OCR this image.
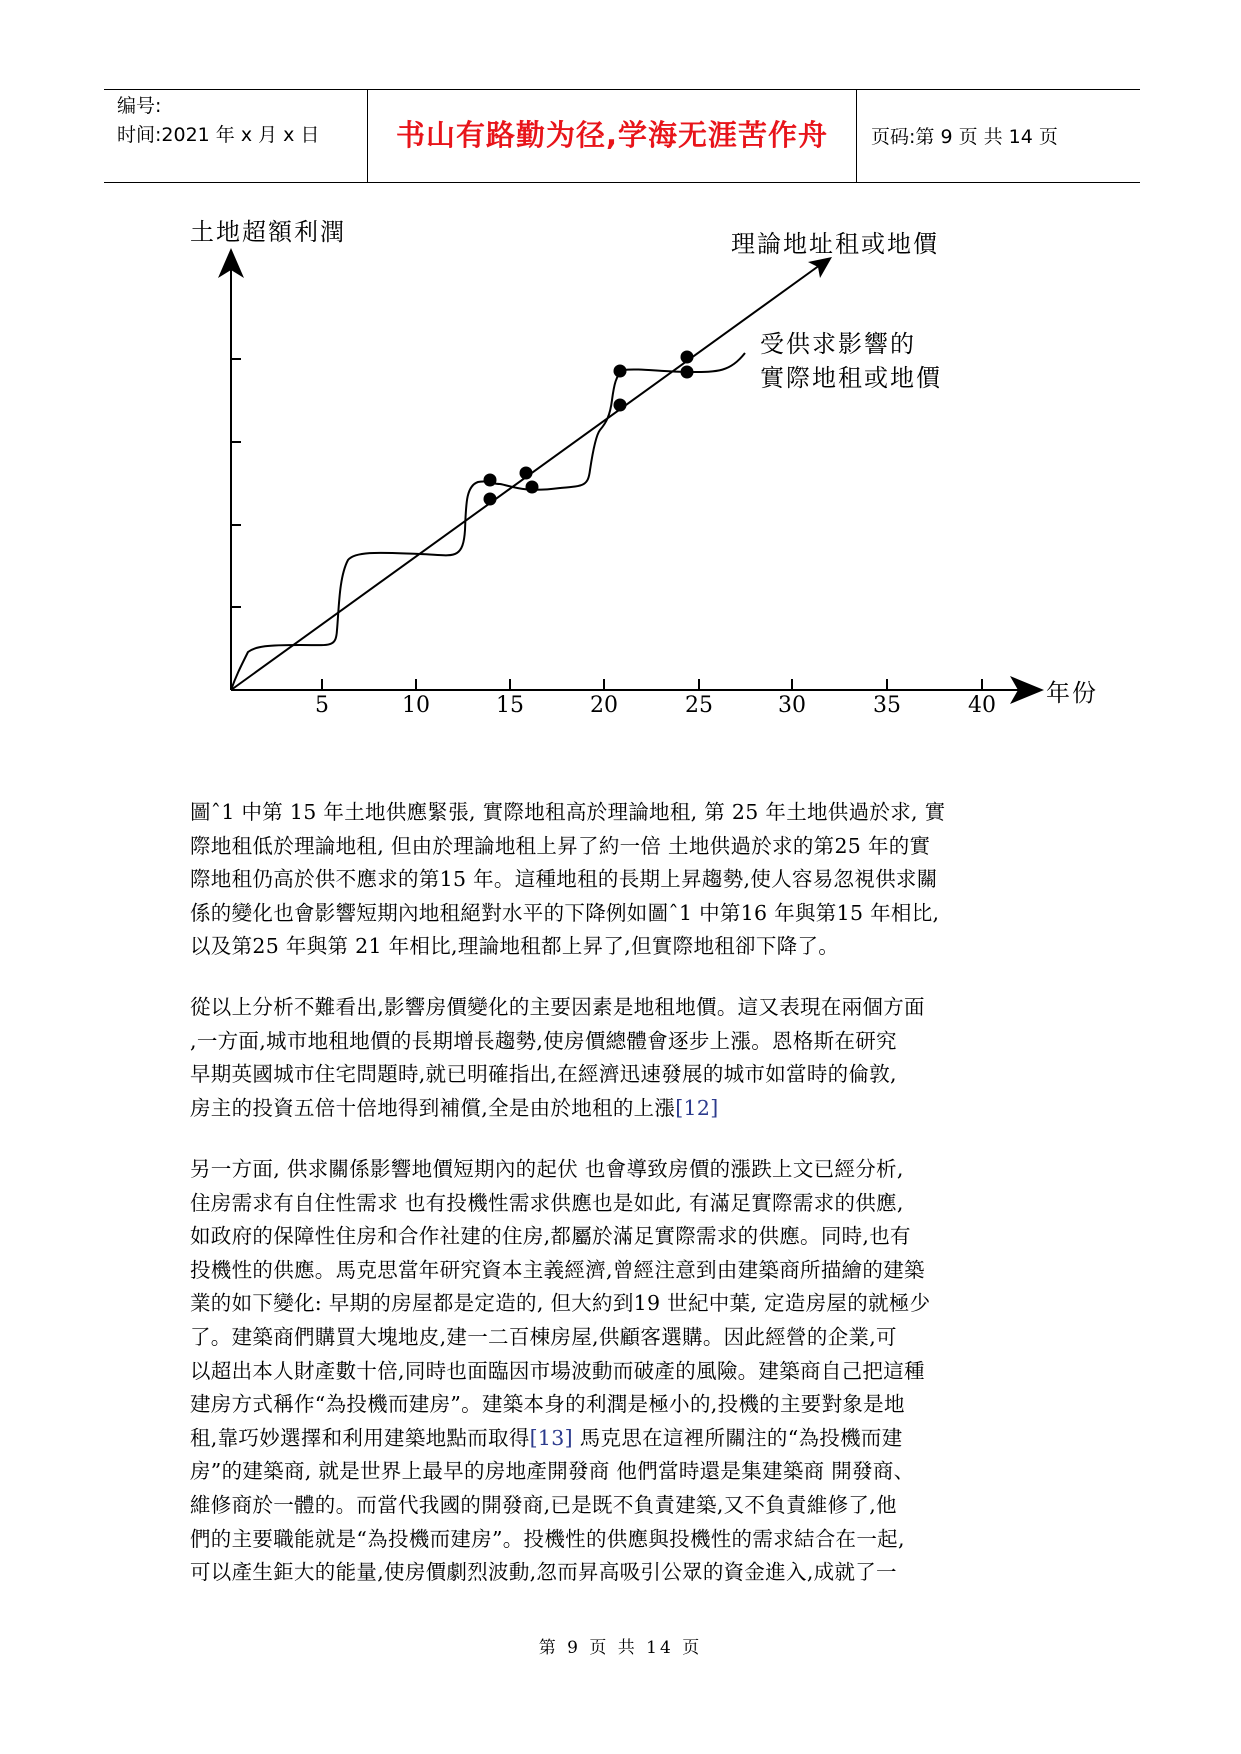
编号:
时间:2021 年 x 月 x 日	书山有路勤为径,学海无涯苦作舟	页码:第 9 页 共 14 页
土地超額利潤	理論地址租或地價
受供求影響的
實際地租或地價
年份
5	10	15	20	25	30	35	40
圖ˆ1 中第 15 年土地供應緊張, 實際地租高於理論地租, 第 25 年土地供過於求, 實
際地租低於理論地租, 但由於理論地租上昇了約一倍 土地供過於求的第25 年的實
際地租仍高於供不應求的第15 年。這種地租的長期上昇趨勢,使人容易忽視供求關
係的變化也會影響短期內地租絕對水平的下降例如圖ˆ1 中第16 年與第15 年相比,
以及第25 年與第 21 年相比,理論地租都上昇了,但實際地租卻下降了。
從以上分析不難看出,影響房價變化的主要因素是地租地價。這又表現在兩個方面
,一方面,城市地租地價的長期增長趨勢,使房價總體會逐步上漲。恩格斯在研究
早期英國城市住宅問題時,就已明確指出,在經濟迅速發展的城市如當時的倫敦,
房主的投資五倍十倍地得到補償,全是由於地租的上漲[12]
另一方面, 供求關係影響地價短期內的起伏 也會導致房價的漲跌上文已經分析,
住房需求有自住性需求 也有投機性需求供應也是如此, 有滿足實際需求的供應,
如政府的保障性住房和合作社建的住房,都屬於滿足實際需求的供應。同時,也有
投機性的供應。馬克思當年研究資本主義經濟,曾經注意到由建築商所描繪的建築
業的如下變化: 早期的房屋都是定造的, 但大約到19 世紀中葉, 定造房屋的就極少
了。建築商們購買大塊地皮,建一二百棟房屋,供顧客選購。因此經營的企業,可
以超出本人財產數十倍,同時也面臨因市場波動而破產的風險。建築商自己把這種
建房方式稱作“為投機而建房”。建築本身的利潤是極小的,投機的主要對象是地
租,靠巧妙選擇和利用建築地點而取得[13] 馬克思在這裡所關注的“為投機而建
房”的建築商, 就是世界上最早的房地產開發商 他們當時還是集建築商 開發商、
維修商於一體的。而當代我國的開發商,已是既不負責建築,又不負責維修了,他
們的主要職能就是“為投機而建房”。投機性的供應與投機性的需求結合在一起,
可以產生鉅大的能量,使房價劇烈波動,忽而昇高吸引公眾的資金進入,成就了一
第 9 页 共 14 页
